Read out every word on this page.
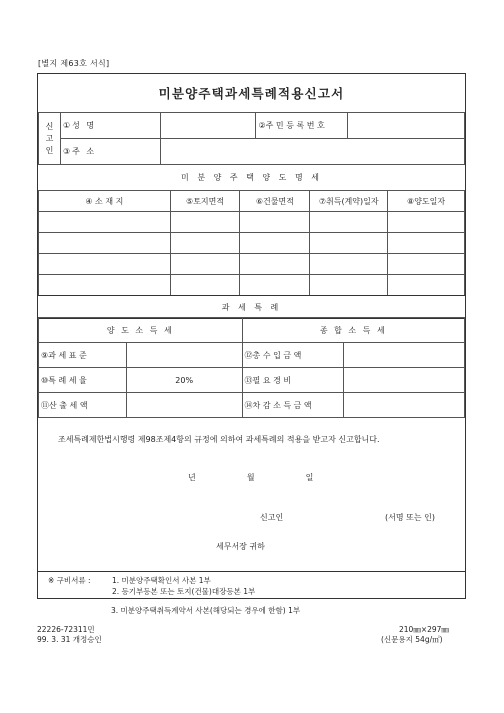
[별지 제63호 서식]
미분양주택과세특례적용신고서
신고인	①성 명		②주 민 등 록 번 호	
	③주 소			
미 분 양 주 택 양 도 명 세
④ 소 재 지	⑤토지면적	⑥건물면적	⑦취득(계약)일자	⑧양도일자

과 세 특 례
양 도 소 득 세		종 합 소 득 세	
⑨과 세 표 준		⑫총 수 입 금 액	
⑩특 례 세 율	20%	⑬필 요 경 비	
⑪산 출 세 액		⑭차 감 소 득 금 액	
조세특례제한법시행령 제98조제4항의 규정에 의하여 과세특례의 적용을 받고자 신고합니다.
년	월	일
신고인	(서명 또는 인)
세무서장 귀하
※ 구비서류 :	1. 미분양주택확인서 사본 1부
2. 등기부등본 또는 토지(건물)대장등본 1부
3. 미분양주택취득계약서 사본(해당되는 경우에 한함) 1부
22226-72311민
99. 3. 31 개정승인
210㎜×297㎜
(신문용지 54g/㎡)
